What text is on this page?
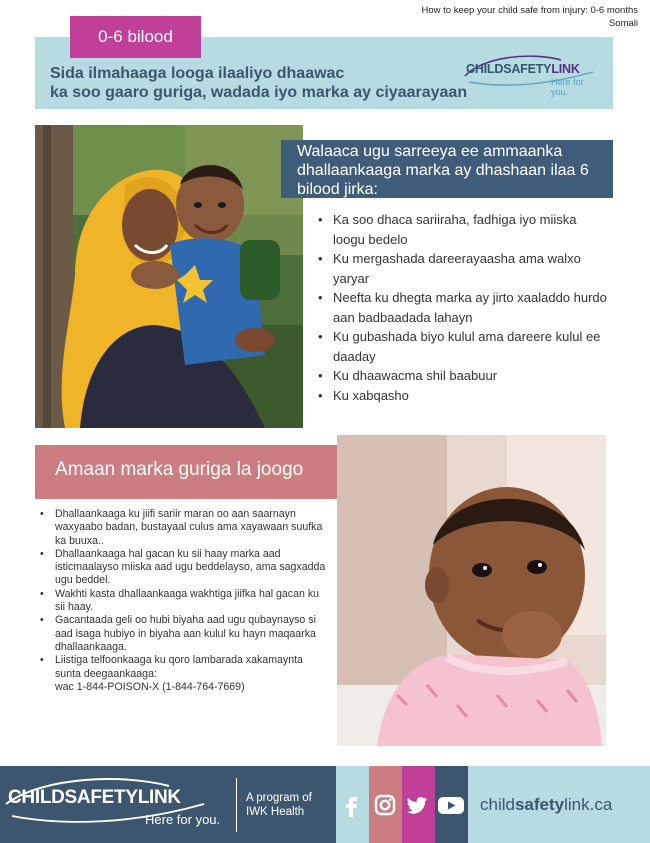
How to keep your child safe from injury: 0-6 months
Somali
0-6 bilood
Sida ilmahaaga looga ilaaliyo dhaawac
ka soo gaaro guriga, wadada iyo marka ay ciyaarayaan
CHILDSAFETYLINK
Here for you.
Walaaca ugu sarreeya ee ammaanka dhallaankaaga marka ay dhashaan ilaa 6 bilood jirka:
• Ka soo dhaca sariiraha, fadhiga iyo miiska loogu bedelo
• Ku mergashada dareerayaasha ama walxo yaryar
• Neefta ku dhegta marka ay jirto xaaladdo hurdo aan badbaadada lahayn
• Ku gubashada biyo kulul ama dareere kulul ee daaday
• Ku dhaawacma shil baabuur
• Ku xabqasho
Amaan marka guriga la joogo
• Dhallaankaaga ku jiifi sariir maran oo aan saarnayn waxyaabo badan, bustayaal culus ama xayawaan suufka ka buuxa..
• Dhallaankaaga hal gacan ku sii haay marka aad isticmaalayso miiska aad ugu beddelayso, ama sagxadda ugu beddel.
• Wakhti kasta dhallaankaaga wakhtiga jiifka hal gacan ku sii haay.
• Gacantaada geli oo hubi biyaha aad ugu qubaynayso si aad isaga hubiyo in biyaha aan kulul ku hayn maqaarka dhallaankaaga.
• Liistiga telfoonkaaga ku qoro lambarada xakamaynta sunta deegaankaaga:
wac 1-844-POISON-X (1-844-764-7669)
CHILDSAFETYLINK
Here for you.
A program of
IWK Health	childsafetylink.ca
